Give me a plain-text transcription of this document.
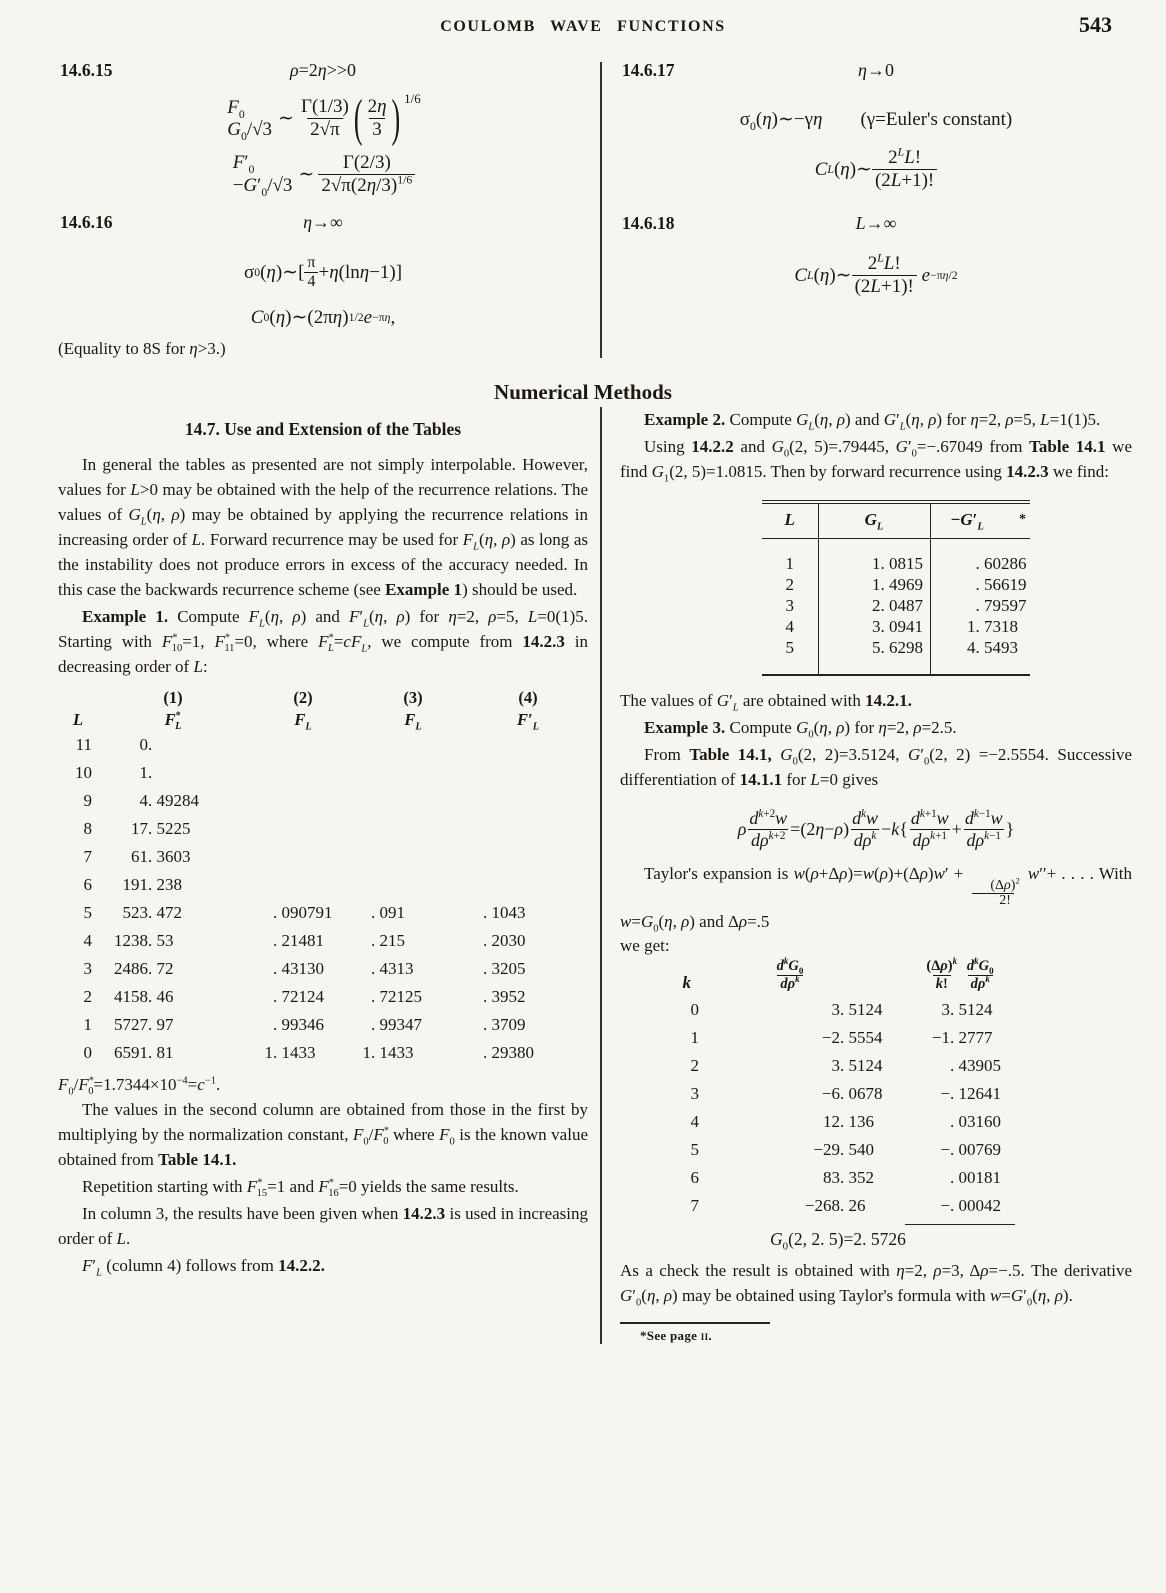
COULOMB WAVE FUNCTIONS	543
14.6.15	ρ=2η>>0
$F_0$
$G_0/√3$ ∼
Γ(1/3)
2√π ( 2η
3 ) 1/6
$F'_0$
$-G'_0/√3$ ∼
Γ(2/3)
$2√\pi(2\eta/3)^{1/6}$
14.6.16	η→∞
σ 0 ( η )∼[
π
4 + η (ln η −1)]
C 0 ( η )∼(2π η ) 1/2 e −πη ,
(Equality to 8S for η>3.)
14.6.17	η→0
$\sigma_0(\eta)\sim-\gamma\eta$ (γ=Euler's constant)
C L ( η )∼
$2^LL$!
(2L+1)!
14.6.18	L→∞
C L ( η )∼
$2^LL$!
(2L+1)!

e −πη/2
Numerical Methods
14.7. Use and Extension of the Tables

In general the tables as presented are not simply interpolable. However, values for L>0 may be obtained with the help of the recurrence relations. The values of $G_L(\eta$, ρ) may be obtained by applying the recurrence relations in increasing order of L. Forward recurrence may be used for $F_L(\eta$, ρ) as long as the instability does not produce errors in excess of the accuracy needed. In this case the backwards recurrence scheme (see Example 1) should be used.

Example 1. Compute $F_L(\eta$, ρ) and $F'_L(\eta$, ρ) for η=2, ρ=5, L=0(1)5. Starting with $F^*_{10}=1$, $F^*_{11}=0$, where $F^*_L=cF_L$, we compute from 14.2.3 in decreasing order of L:

	(1)	(2)	(3)	(4)
L	$F^*_L$	$F_L$	$F_L$	$F'_L$
11	0.			
10	1.			
9	4. 49284			
8	17. 5225			
7	61. 3603			
6	191. 238			
5	523. 472	. 090791	. 091	. 1043
4	1238. 53	. 21481	. 215	. 2030
3	2486. 72	. 43130	. 4313	. 3205
2	4158. 46	. 72124	. 72125	. 3952
1	5727. 97	. 99346	. 99347	. 3709
0	6591. 81	1. 1433	1. 1433	. 29380
$F_0/F^*_0=1.7344\times 10^{-4}=c^{-1}$.

The values in the second column are obtained from those in the first by multiplying by the normalization constant, $F_0/F^*_0$ where $F_0$ is the known value obtained from Table 14.1.

Repetition starting with $F^*_{15}=1$ and $F^*_{16}=0$ yields the same results.

In column 3, the results have been given when 14.2.3 is used in increasing order of L.

$F'_L$ (column 4) follows from 14.2.2.

Example 2. Compute $G_L(\eta$, ρ) and $G'_L(\eta$, ρ) for η=2, ρ=5, L=1(1)5.

Using 14.2.2 and $G_0(2$, 5)=.79445, $G'_0=-.67049$ from Table 14.1 we find $G_1(2$, 5)=1.0815. Then by forward recurrence using 14.2.3 we find:

L	$G_L$	$-G'_L$ *

1	1. 0815	. 60286
2	1. 4969	. 56619
3	2. 0487	. 79597
4	3. 0941	1. 7318
5	5. 6298	4. 5493

The values of $G'_L$ are obtained with 14.2.1.

Example 3. Compute $G_0(\eta$, ρ) for η=2, ρ=2.5.

From Table 14.1, $G_0(2$, 2)=3.5124, $G'_0(2$, 2) =−2.5554. Successive differentiation of 14.1.1 for L=0 gives

ρ
$d^{k+2}w$
$d\rho^{k+2} =(2$ η − ρ )
$d^kw$
$d\rho^k - k$ {
$d^{k+1}w$
$d\rho^{k+1}$ +
$d^{k-1}w$
$d\rho^{k-1}$ }

Taylor's expansion is w(ρ+Δρ)=w(ρ)+(Δρ)w′ +
$\frac{(\Delta\rho)^2}{2!}$
w′′+ . . . . With $w=G_0(\eta$, ρ) and Δρ=.5

we get:
k	$d^kG_0$
$d\rho^k$	$\frac{(\Delta\rho)^k}{k!}$
$d^kG_0$
$d\rho^k$

0	3. 5124	3. 5124
1	−2. 5554	−1. 2777
2	3. 5124	. 43905
3	−6. 0678	−. 12641
4	12. 136	. 03160
5	−29. 540	−. 00769
6	83. 352	. 00181
7	−268. 26	−. 00042
$G_0(2$, 2. 5)=2. 5726

As a check the result is obtained with η=2, ρ=3, Δρ=−.5. The derivative $G'_0(\eta$, ρ) may be obtained using Taylor's formula with $w=G'_0(\eta$, ρ).

*See page ii.
